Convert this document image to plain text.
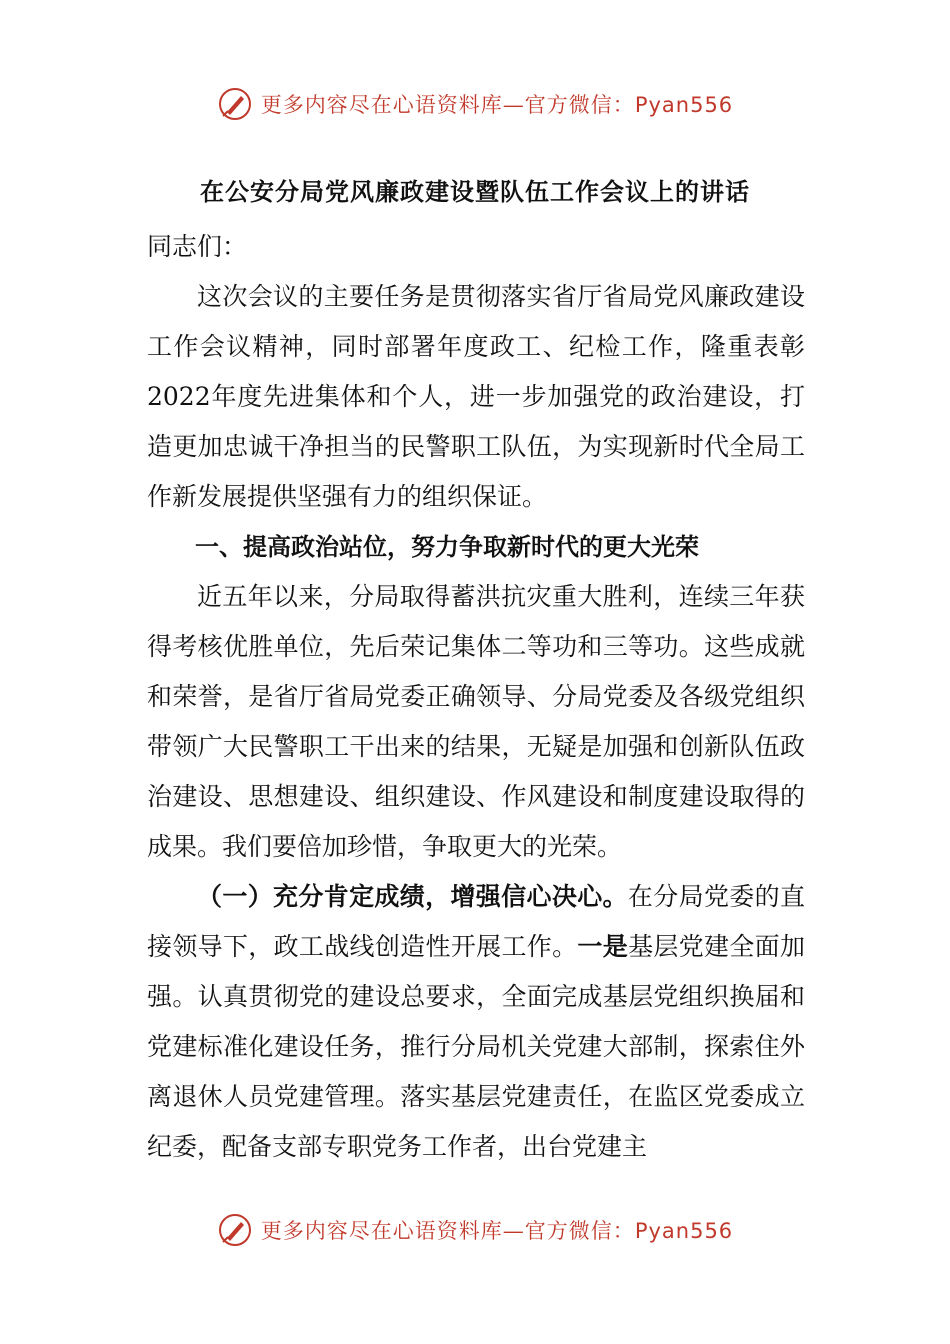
更多内容尽在心语资料库—官方微信：Pyan556
在公安分局党风廉政建设暨队伍工作会议上的讲话

同志们：

这次会议的主要任务是贯彻落实省厅省局党风廉政建设工作会议精神，同时部署年度政工、纪检工作，隆重表彰2022年度先进集体和个人，进一步加强党的政治建设，打造更加忠诚干净担当的民警职工队伍，为实现新时代全局工作新发展提供坚强有力的组织保证。

一、提高政治站位，努力争取新时代的更大光荣

近五年以来，分局取得蓄洪抗灾重大胜利，连续三年获得考核优胜单位，先后荣记集体二等功和三等功。这些成就和荣誉，是省厅省局党委正确领导、分局党委及各级党组织带领广大民警职工干出来的结果，无疑是加强和创新队伍政治建设、思想建设、组织建设、作风建设和制度建设取得的成果。我们要倍加珍惜，争取更大的光荣。

（一）充分肯定成绩，增强信心决心。在分局党委的直接领导下，政工战线创造性开展工作。一是基层党建全面加强。认真贯彻党的建设总要求，全面完成基层党组织换届和党建标准化建设任务，推行分局机关党建大部制，探索住外离退休人员党建管理。落实基层党建责任，在监区党委成立纪委，配备支部专职党务工作者，出台党建主

更多内容尽在心语资料库—官方微信：Pyan556
